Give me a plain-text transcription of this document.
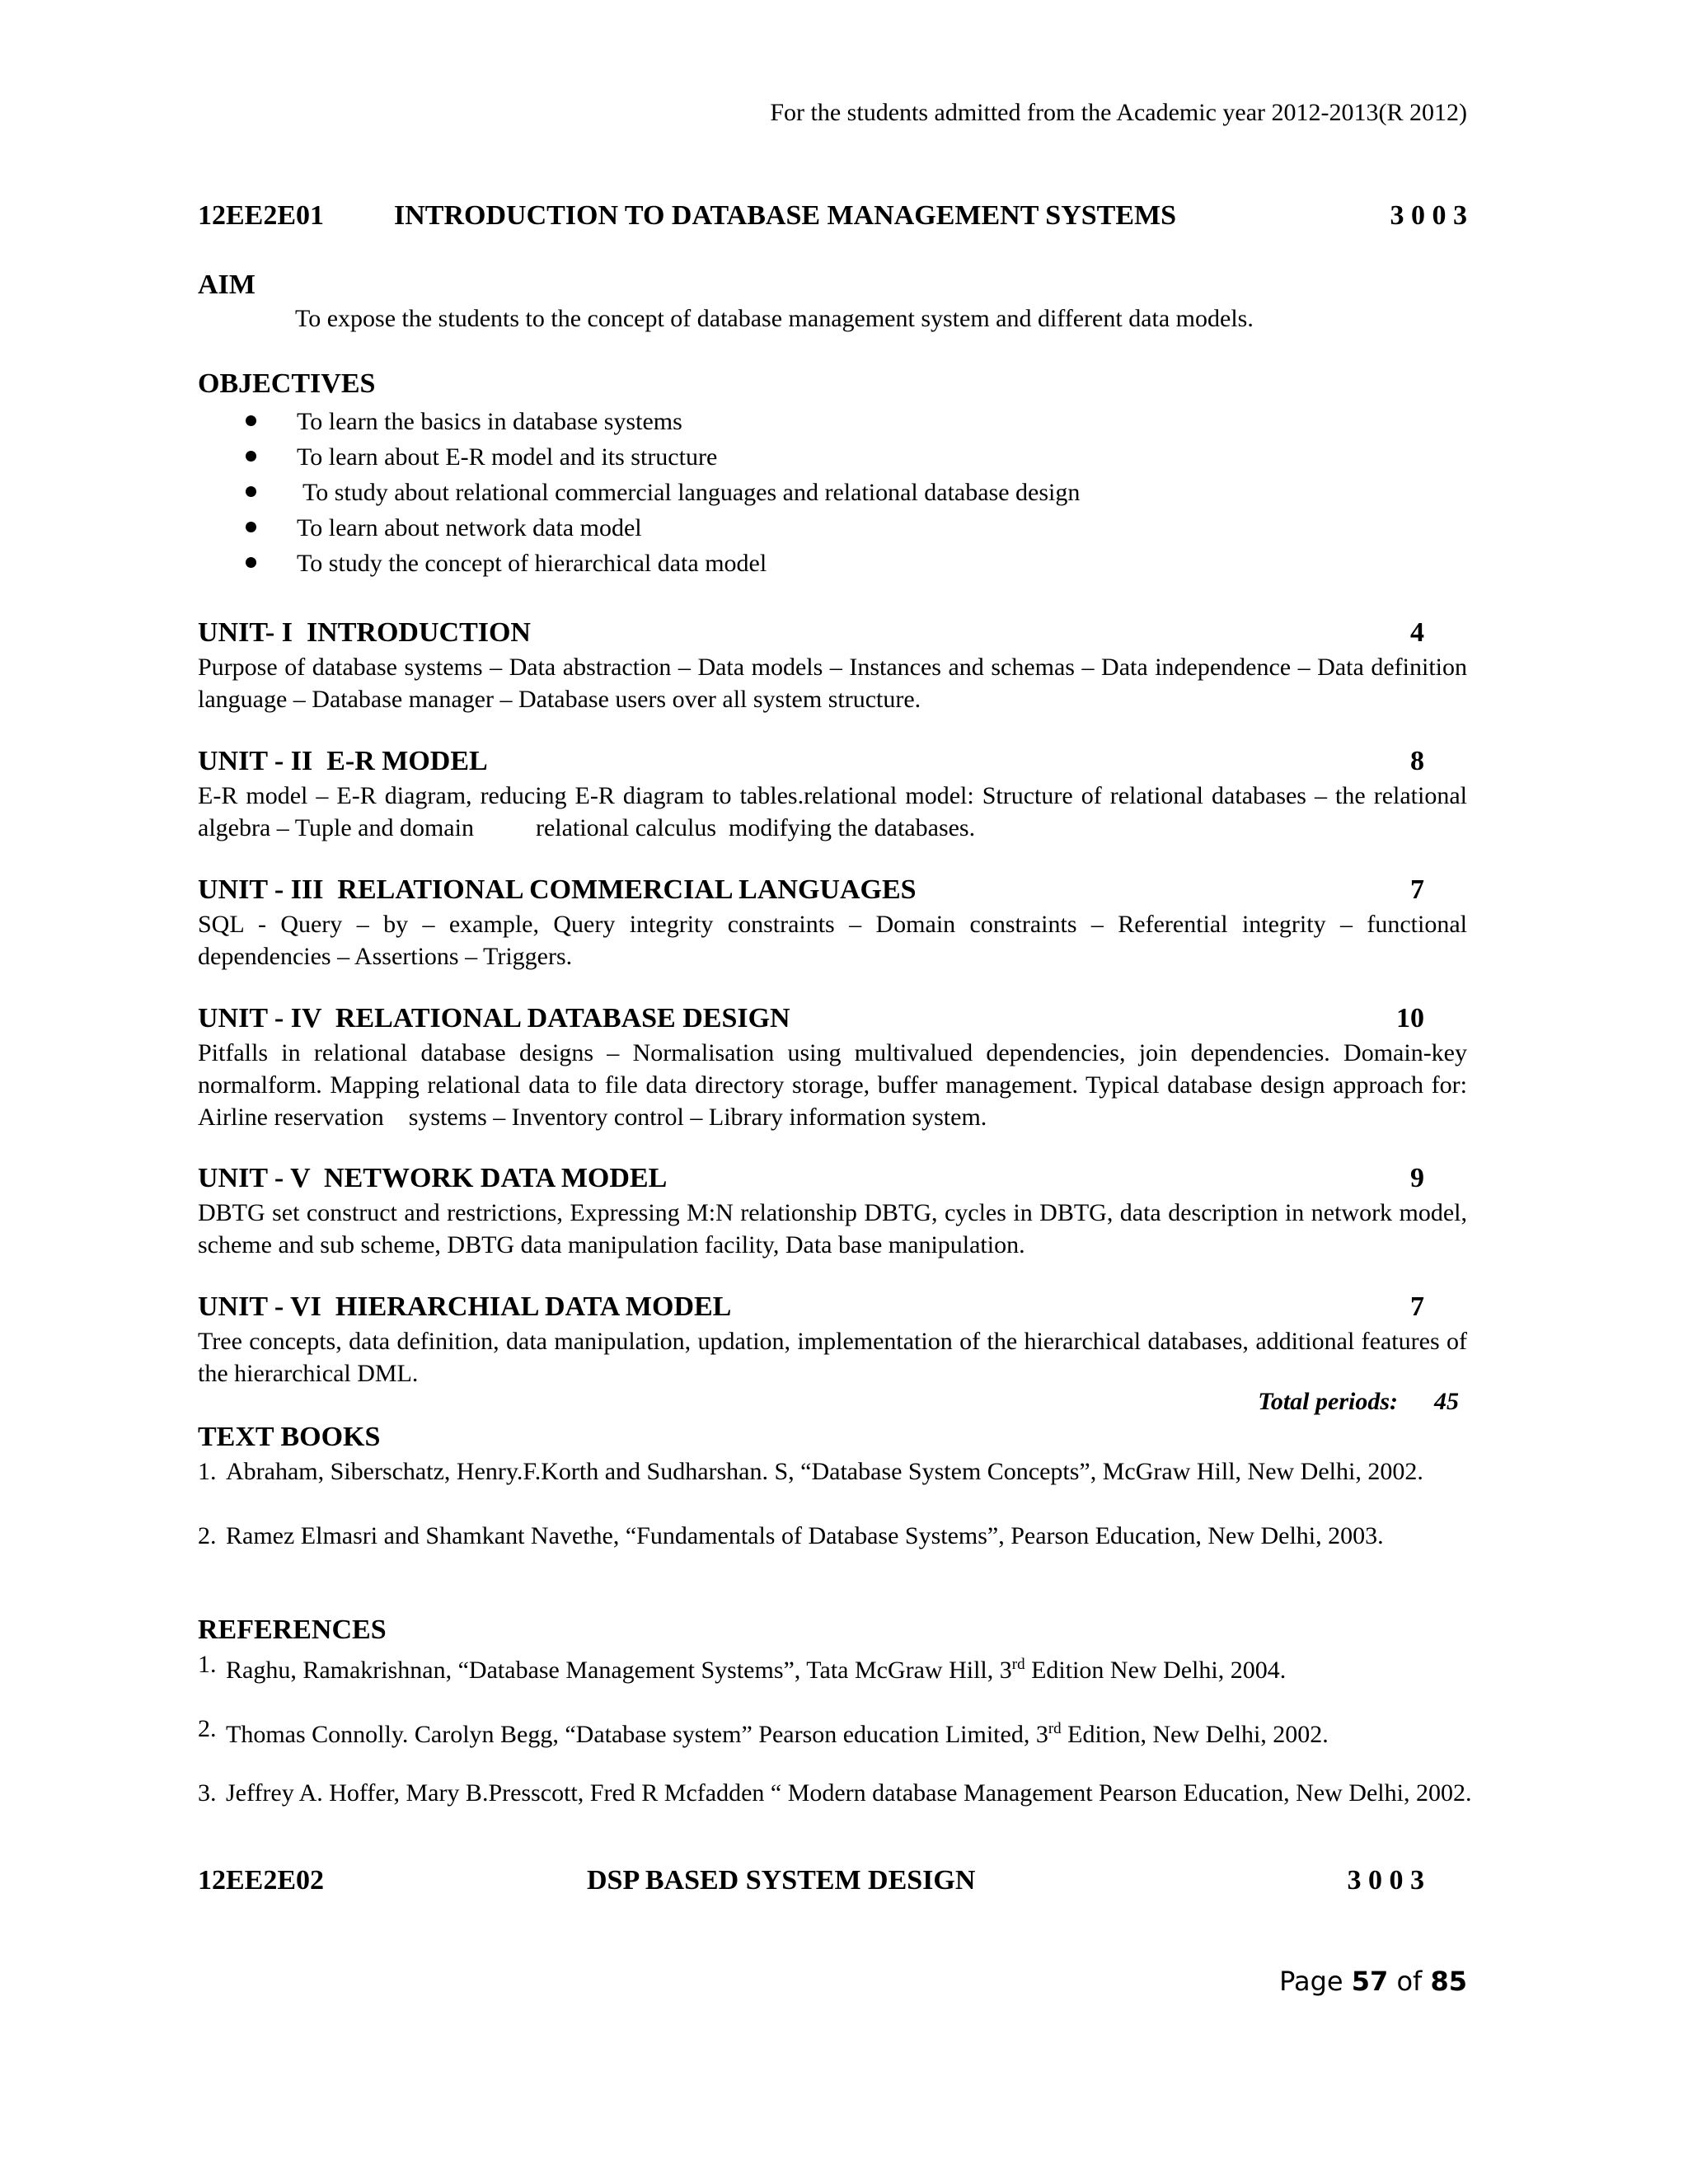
For the students admitted from the Academic year 2012-2013(R 2012)
12EE2E01 INTRODUCTION TO DATABASE MANAGEMENT SYSTEMS	3 0 0 3
AIM
To expose the students to the concept of database management system and different data models.
OBJECTIVES
To learn the basics in database systems
To learn about E-R model and its structure
To study about relational commercial languages and relational database design
To learn about network data model
To study the concept of hierarchical data model
UNIT- I  INTRODUCTION	4
Purpose of database systems – Data abstraction – Data models – Instances and schemas – Data independence – Data definition language – Database manager – Database users over all system structure.
UNIT - II  E-R MODEL	8
E-R model – E-R diagram, reducing E-R diagram to tables.relational model: Structure of relational databases – the relational algebra – Tuple and domain          relational calculus  modifying the databases.
UNIT - III  RELATIONAL COMMERCIAL LANGUAGES	7
SQL - Query – by – example, Query integrity constraints – Domain constraints – Referential integrity – functional dependencies – Assertions – Triggers.
UNIT - IV  RELATIONAL DATABASE DESIGN	10
Pitfalls in relational database designs – Normalisation using multivalued dependencies, join dependencies. Domain-key normalform. Mapping relational data to file data directory storage, buffer management. Typical database design approach for:  Airline reservation    systems – Inventory control – Library information system.
UNIT - V  NETWORK DATA MODEL	9
DBTG set construct and restrictions, Expressing M:N relationship DBTG, cycles in DBTG, data description in network model, scheme and sub scheme, DBTG data manipulation facility, Data base manipulation.
UNIT - VI  HIERARCHIAL DATA MODEL	7
Tree concepts, data definition, data manipulation, updation, implementation of the hierarchical databases, additional features of the hierarchical DML.
Total periods: 45
TEXT BOOKS
1. Abraham, Siberschatz, Henry.F.Korth and Sudharshan. S, “Database System Concepts”, McGraw Hill, New Delhi, 2002.
2. Ramez Elmasri and Shamkant Navethe, “Fundamentals of Database Systems”, Pearson Education, New Delhi, 2003.
REFERENCES
1. Raghu, Ramakrishnan, “Database Management Systems”, Tata McGraw Hill, 3rd Edition New Delhi, 2004.
2. Thomas Connolly. Carolyn Begg, “Database system” Pearson education Limited, 3rd Edition, New Delhi, 2002.
3. Jeffrey A. Hoffer, Mary B.Presscott, Fred R Mcfadden “ Modern database Management Pearson Education, New Delhi, 2002.
12EE2E02	DSP BASED SYSTEM DESIGN	3 0 0 3
Page 57 of 85
